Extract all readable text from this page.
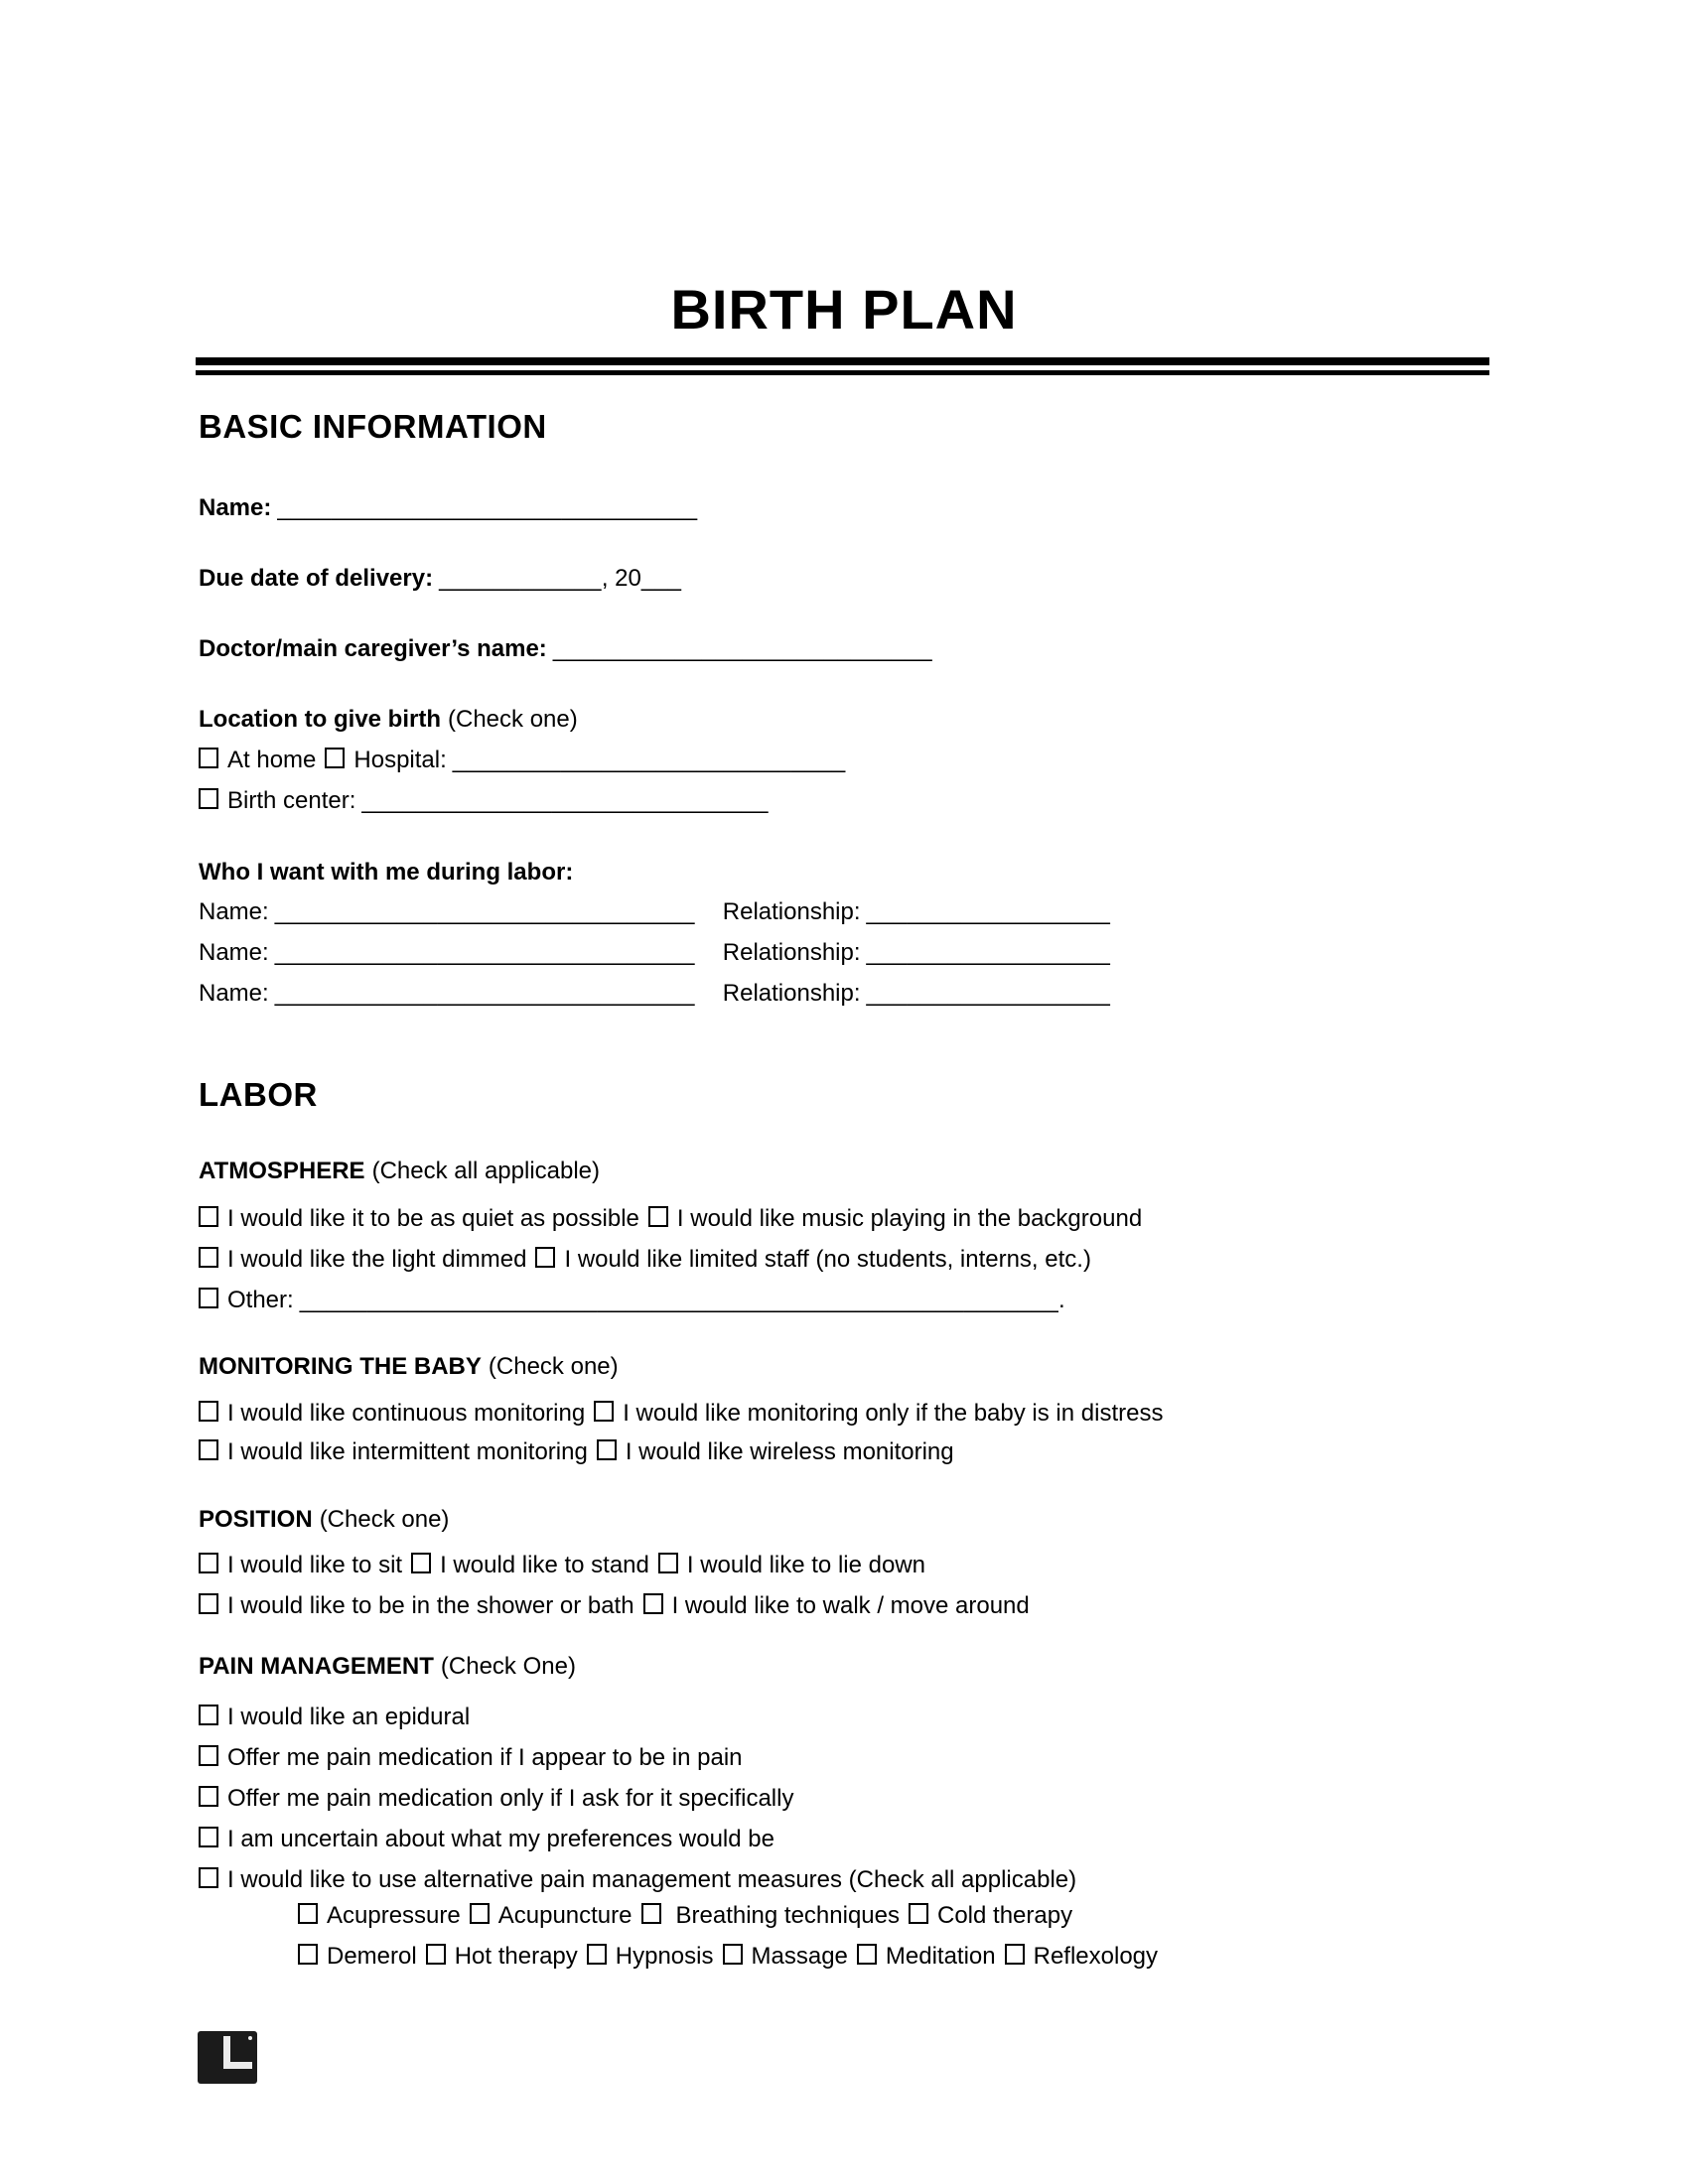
BIRTH PLAN
BASIC INFORMATION
Name: _______________________________
Due date of delivery: ____________, 20___
Doctor/main caregiver’s name: ____________________________
Location to give birth (Check one)
At home Hospital: _____________________________
Birth center: ______________________________
Who I want with me during labor:
Name: _______________________________ Relationship: __________________
Name: _______________________________ Relationship: __________________
Name: _______________________________ Relationship: __________________
LABOR
ATMOSPHERE (Check all applicable)
I would like it to be as quiet as possible I would like music playing in the background
I would like the light dimmed I would like limited staff (no students, interns, etc.)
Other: ________________________________________________________.
MONITORING THE BABY (Check one)
I would like continuous monitoring I would like monitoring only if the baby is in distress
I would like intermittent monitoring I would like wireless monitoring
POSITION (Check one)
I would like to sit I would like to stand I would like to lie down
I would like to be in the shower or bath I would like to walk / move around
PAIN MANAGEMENT (Check One)
I would like an epidural
Offer me pain medication if I appear to be in pain
Offer me pain medication only if I ask for it specifically
I am uncertain about what my preferences would be
I would like to use alternative pain management measures (Check all applicable)
Acupressure Acupuncture Breathing techniques Cold therapy
Demerol Hot therapy Hypnosis Massage Meditation Reflexology
